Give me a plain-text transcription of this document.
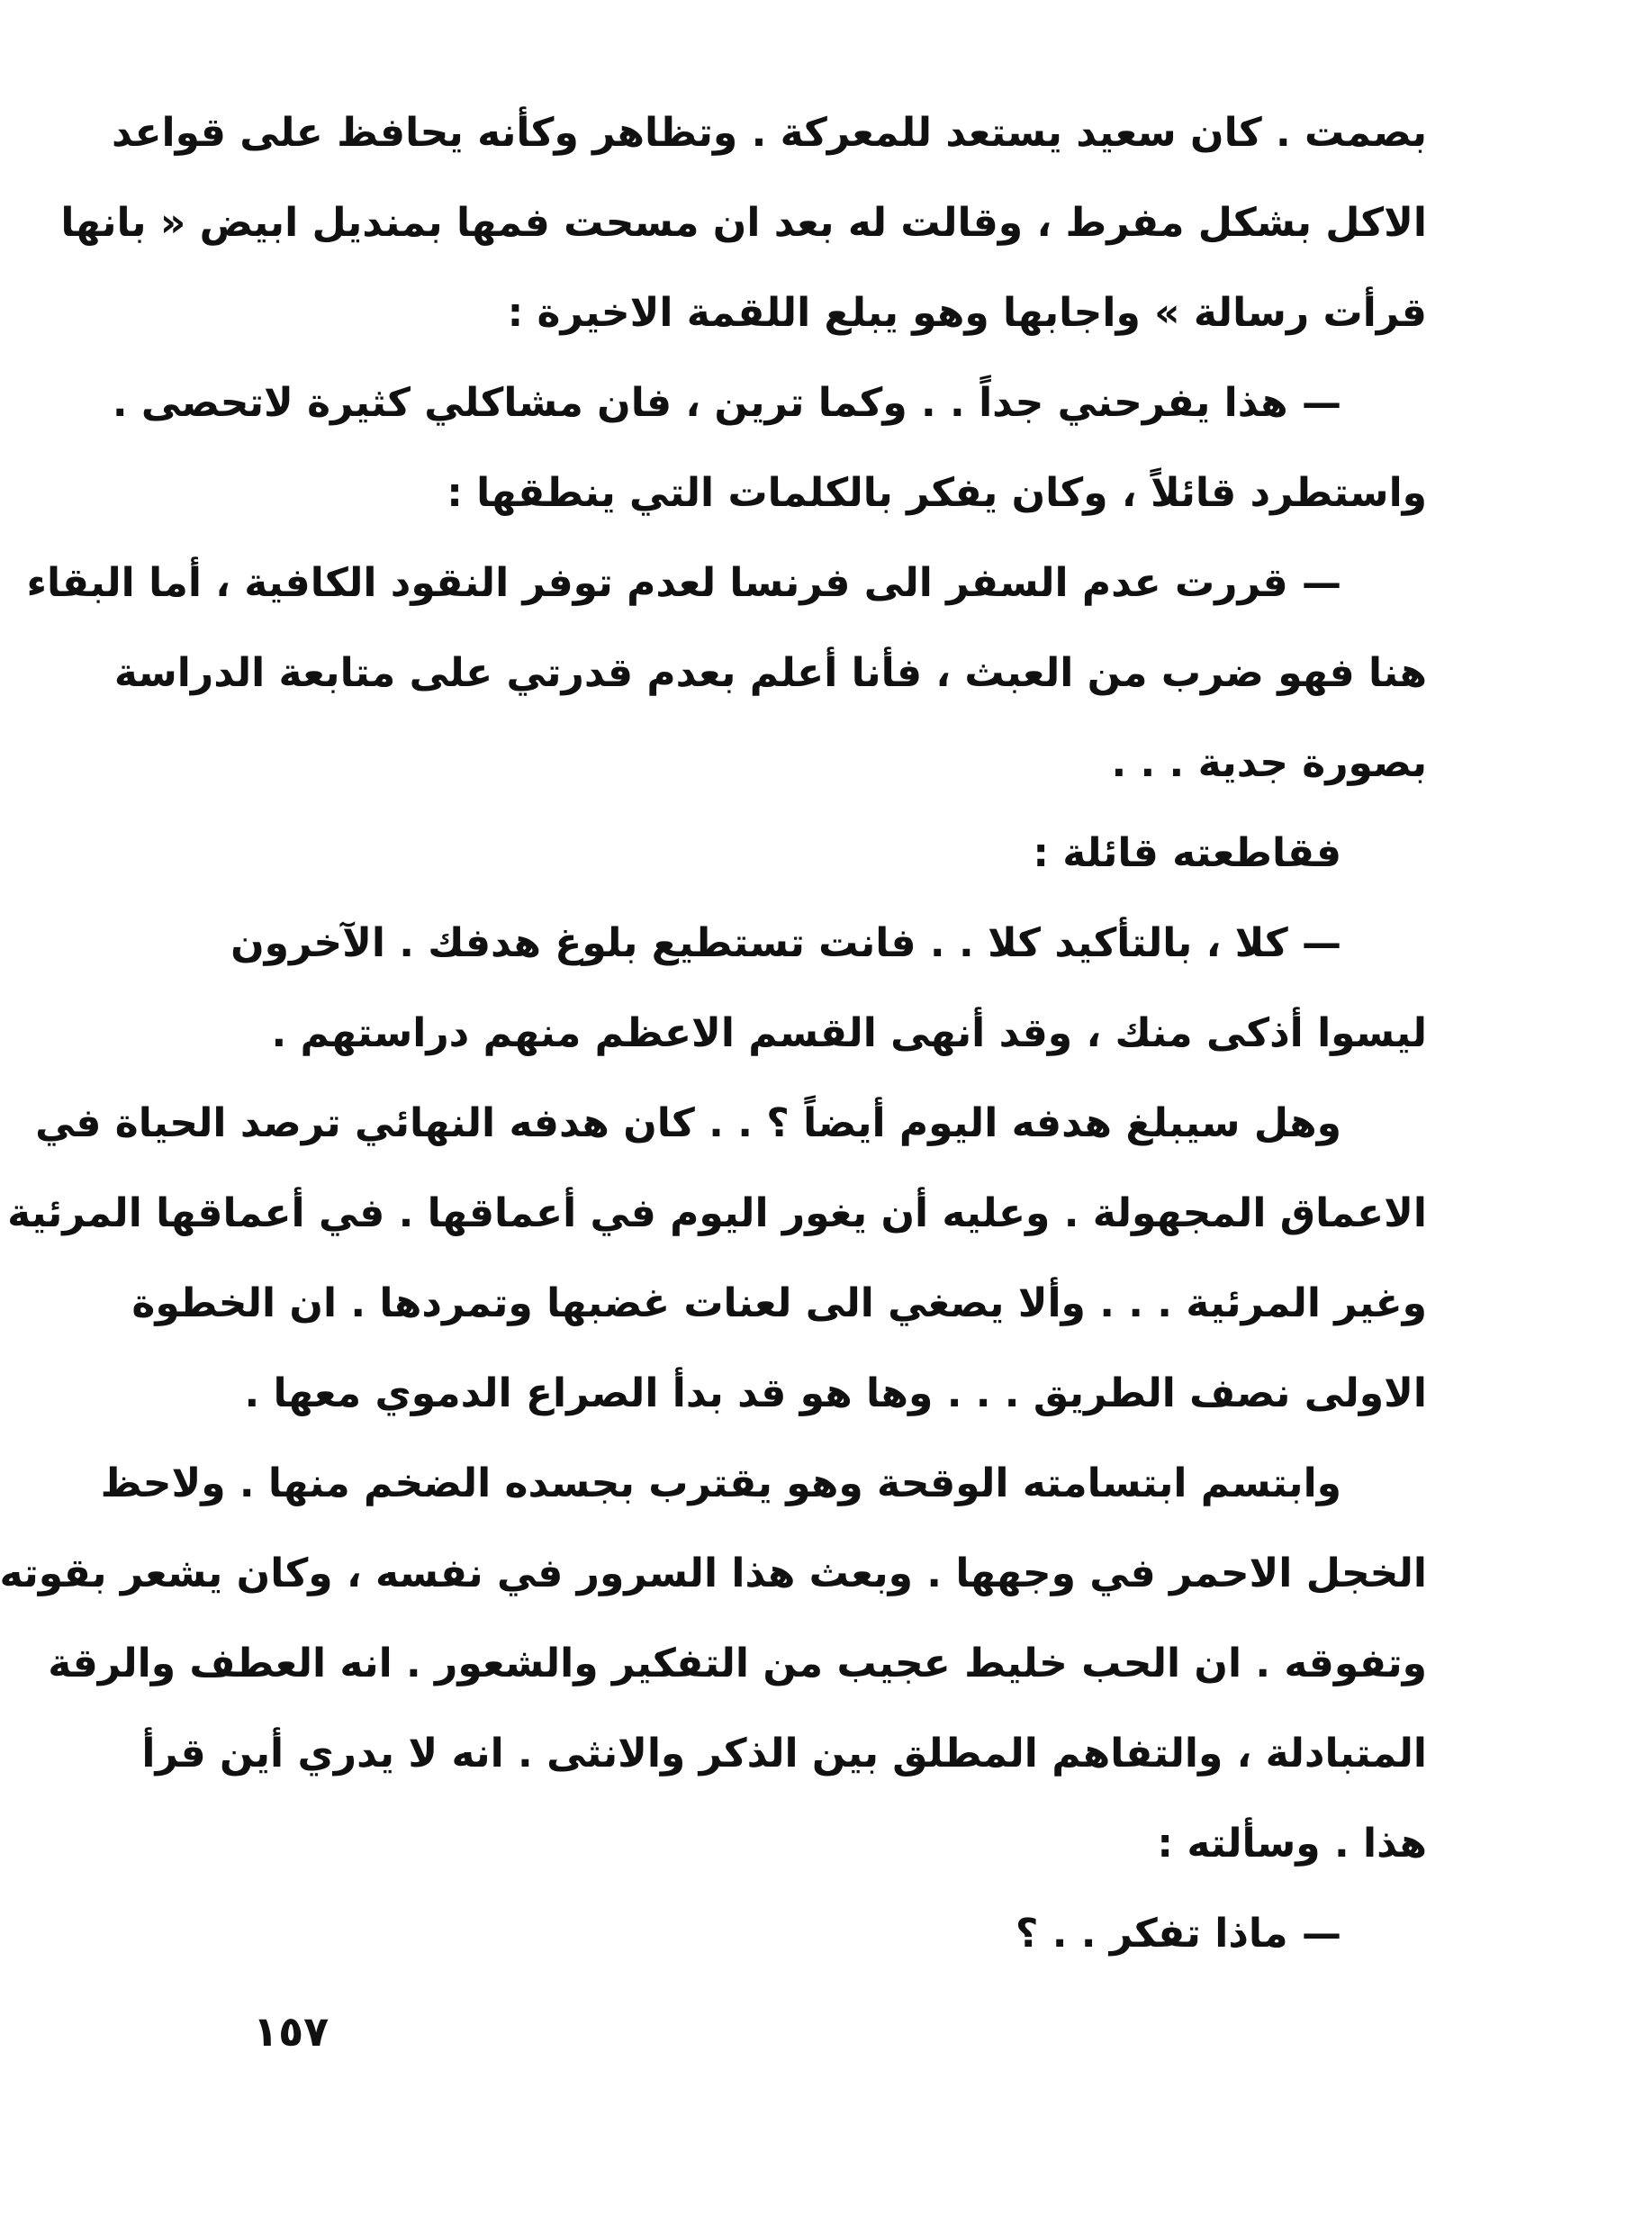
بصمت . كان سعيد يستعد للمعركة . وتظاهر وكأنه يحافظ على قواعد
الاكل بشكل مفرط ، وقالت له بعد ان مسحت فمها بمنديل ابيض « بانها
قرأت رسالة » واجابها وهو يبلع اللقمة الاخيرة :
— هذا يفرحني جداً . . وكما ترين ، فان مشاكلي كثيرة لاتحصى .
واستطرد قائلاً ، وكان يفكر بالكلمات التي ينطقها :
— قررت عدم السفر الى فرنسا لعدم توفر النقود الكافية ، أما البقاء
هنا فهو ضرب من العبث ، فأنا أعلم بعدم قدرتي على متابعة الدراسة
بصورة جدية . . .
فقاطعته قائلة :
— كلا ، بالتأكيد كلا . . فانت تستطيع بلوغ هدفك . الآخرون
ليسوا أذكى منك ، وقد أنهى القسم الاعظم منهم دراستهم .
وهل سيبلغ هدفه اليوم أيضاً ؟ . . كان هدفه النهائي ترصد الحياة في
الاعماق المجهولة . وعليه أن يغور اليوم في أعماقها . في أعماقها المرئية
وغير المرئية . . . وألا يصغي الى لعنات غضبها وتمردها . ان الخطوة
الاولى نصف الطريق . . . وها هو قد بدأ الصراع الدموي معها .
وابتسم ابتسامته الوقحة وهو يقترب بجسده الضخم منها . ولاحظ
الخجل الاحمر في وجهها . وبعث هذا السرور في نفسه ، وكان يشعر بقوته
وتفوقه . ان الحب خليط عجيب من التفكير والشعور . انه العطف والرقة
المتبادلة ، والتفاهم المطلق بين الذكر والانثى . انه لا يدري أين قرأ
هذا . وسألته :
— ماذا تفكر . . ؟
١٥٧
